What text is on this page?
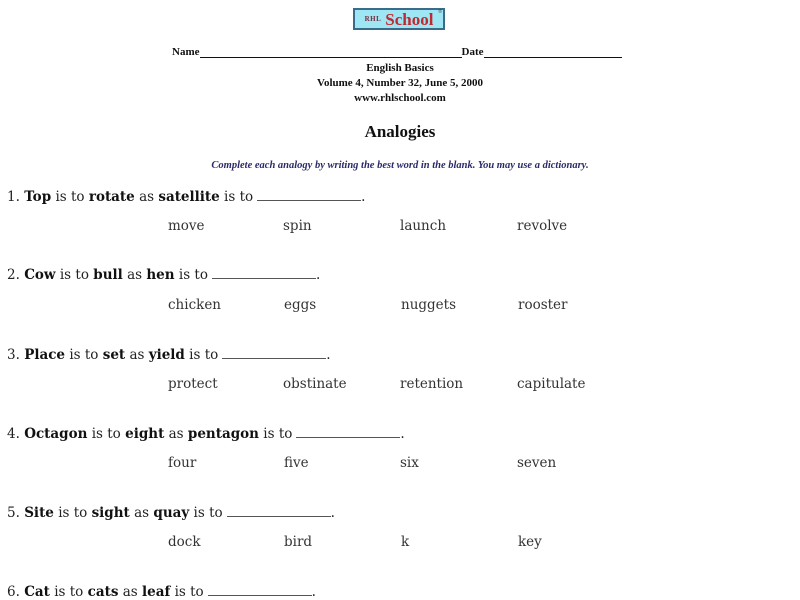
RHL School ®
Name	Date
English Basics
Volume 4, Number 32, June 5, 2000
www.rhlschool.com
Analogies
Complete each analogy by writing the best word in the blank. You may use a dictionary.
1. Top is to rotate as satellite is to	.
move	spin	launch	revolve
2. Cow is to bull as hen is to	.
chicken	eggs	nuggets	rooster
3. Place is to set as yield is to	.
protect	obstinate	retention	capitulate
4. Octagon is to eight as pentagon is to	.
four	five	six	seven
5. Site is to sight as quay is to	.
dock	bird	k	key
6. Cat is to cats as leaf is to	.
